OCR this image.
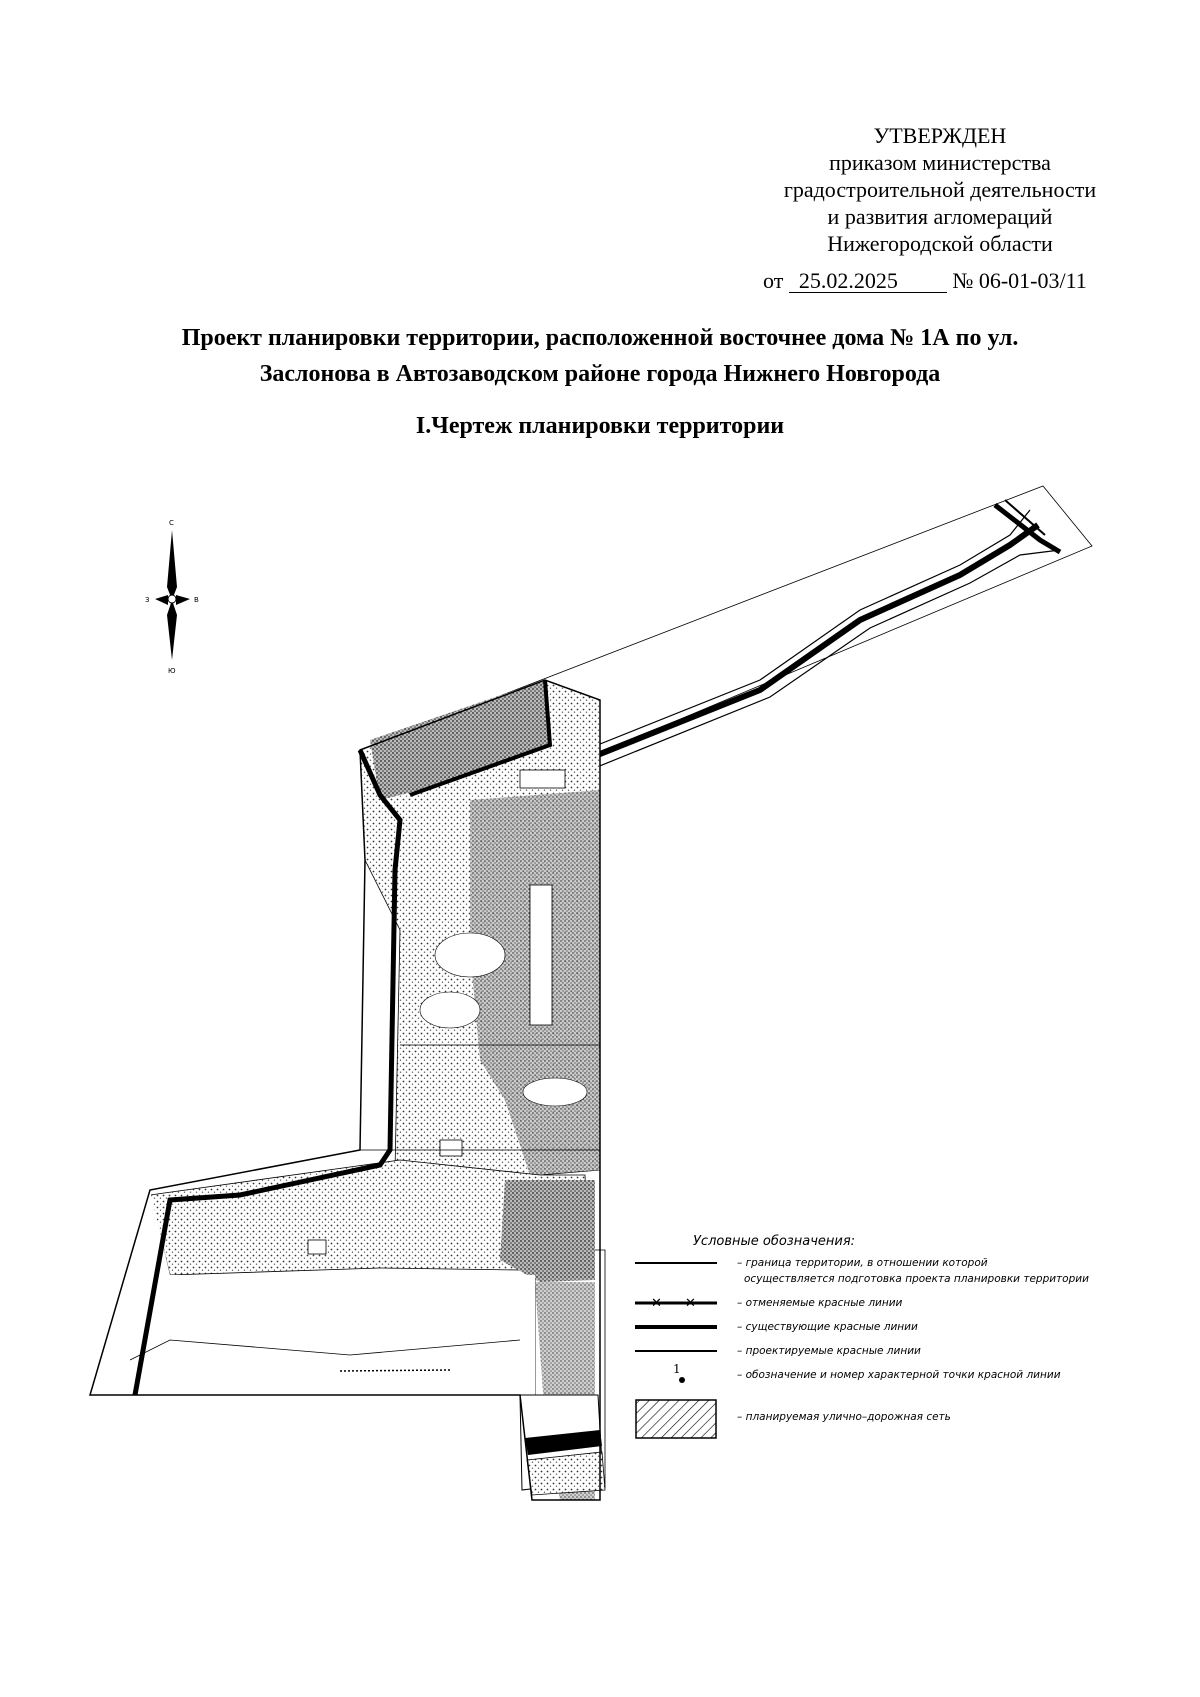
УТВЕРЖДЕН
приказом министерства
градостроительной деятельности
и развития агломераций
Нижегородской области
от 25.02.2025 № 06-01-03/11
Проект планировки территории, расположенной восточнее дома № 1А по ул.
Заслонова в Автозаводском районе города Нижнего Новгорода
I.Чертеж планировки территории
С
З	В
Ю
✕ ✕
1
Условные обозначения:
– граница территории, в отношении которой
осуществляется подготовка проекта планировки территории
– отменяемые красные линии
– существующие красные линии
– проектируемые красные линии
– обозначение и номер характерной точки красной линии
– планируемая улично–дорожная сеть
